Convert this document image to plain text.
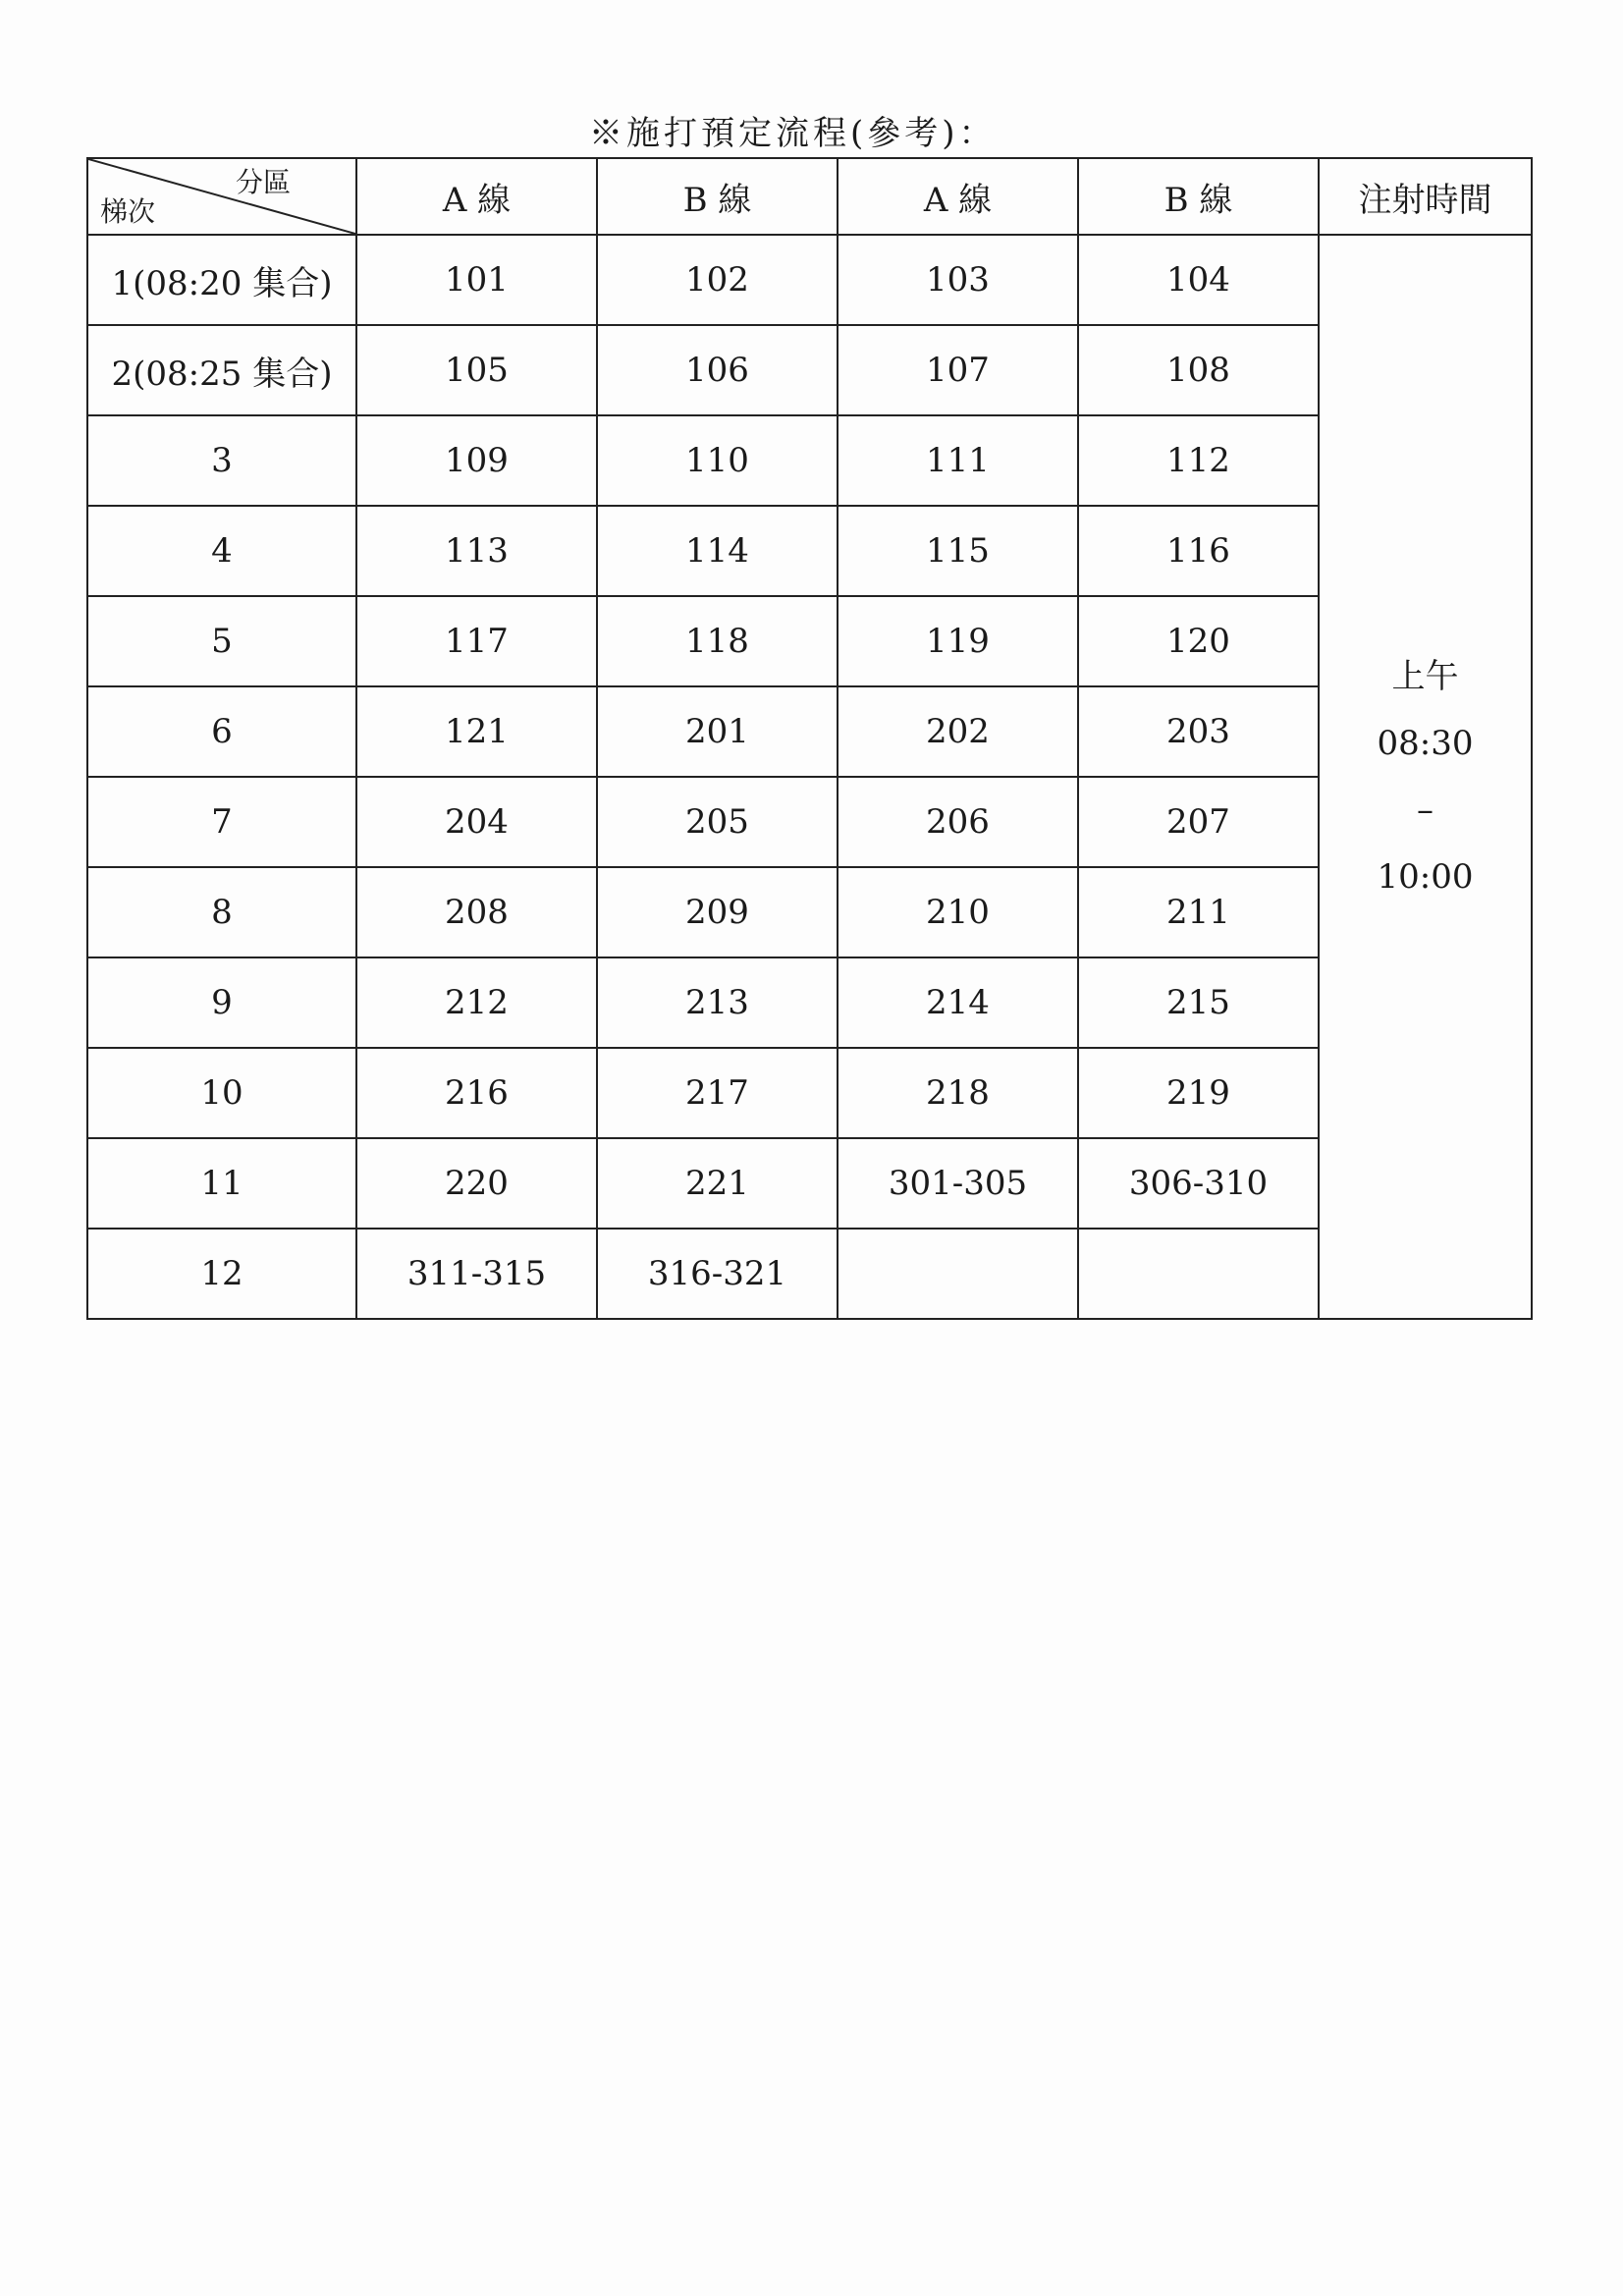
※施打預定流程(參考)：
分區
梯次	A 線	B 線	A 線	B 線	注射時間
1(08:20 集合)	101	102	103	104	上午
08:30
–
10:00

2(08:25 集合)	105	106	107	108	
3	109	110	111	112	
4	113	114	115	116	
5	117	118	119	120	
6	121	201	202	203	
7	204	205	206	207	
8	208	209	210	211	
9	212	213	214	215	
10	216	217	218	219	
11	220	221	301-305	306-310	
12	311-315	316-321			
